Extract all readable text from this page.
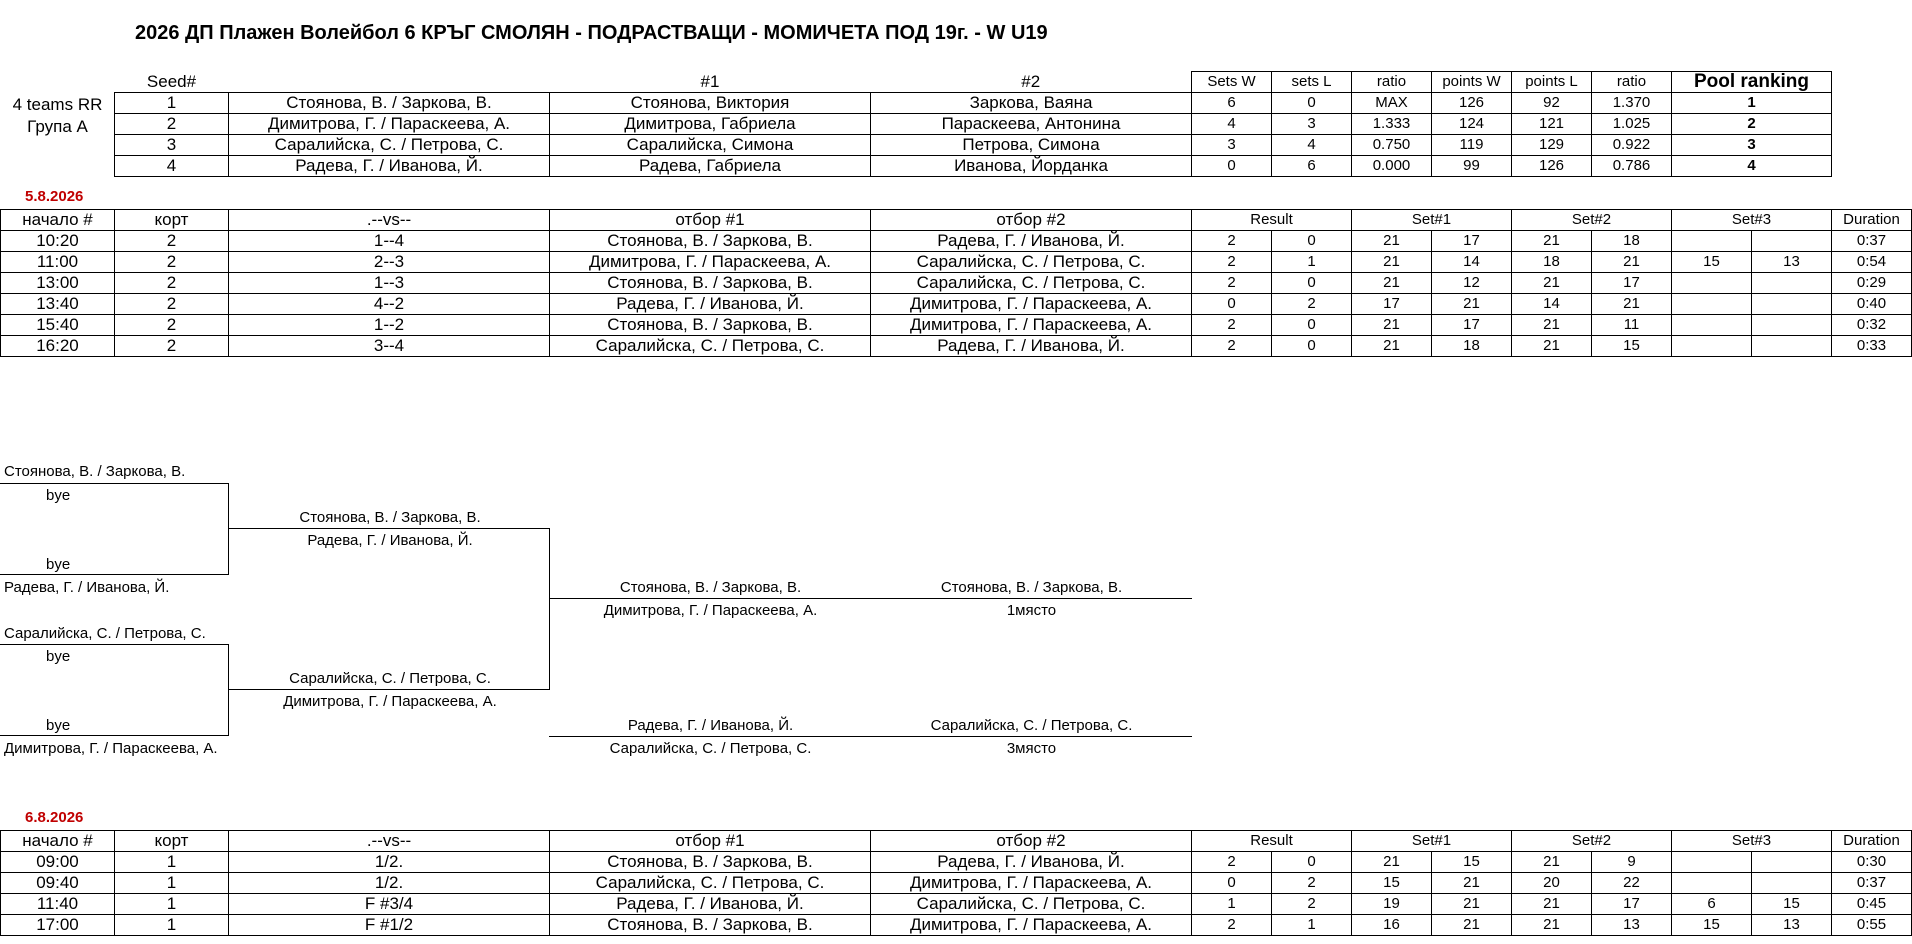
2026 ДП Плажен Волейбол 6 КРЪГ СМОЛЯН - ПОДРАСТВАЩИ - МОМИЧЕТА ПОД 19г. - W U19
4 teams RR
Група А
Seed#		#1	#2	Sets W	sets L	ratio	points W	points L	ratio	Pool ranking
1	Стоянова, В. / Заркова, В.	Стоянова, Виктория	Заркова, Ваяна	6	0	MAX	126	92	1.370	1
2	Димитрова, Г. / Параскеева, А.	Димитрова, Габриела	Параскеева, Антонина	4	3	1.333	124	121	1.025	2
3	Саралийска, С. / Петрова, С.	Саралийска, Симона	Петрова, Симона	3	4	0.750	119	129	0.922	3
4	Радева, Г. / Иванова, Й.	Радева, Габриела	Иванова, Йорданка	0	6	0.000	99	126	0.786	4
5.8.2026
начало #	корт	.--vs--	отбор #1	отбор #2	Result		Set#1		Set#2		Set#3		Duration
10:20	2	1--4	Стоянова, В. / Заркова, В.	Радева, Г. / Иванова, Й.	2	0	21	17	21	18			0:37
11:00	2	2--3	Димитрова, Г. / Параскеева, А.	Саралийска, С. / Петрова, С.	2	1	21	14	18	21	15	13	0:54
13:00	2	1--3	Стоянова, В. / Заркова, В.	Саралийска, С. / Петрова, С.	2	0	21	12	21	17			0:29
13:40	2	4--2	Радева, Г. / Иванова, Й.	Димитрова, Г. / Параскеева, А.	0	2	17	21	14	21			0:40
15:40	2	1--2	Стоянова, В. / Заркова, В.	Димитрова, Г. / Параскеева, А.	2	0	21	17	21	11			0:32
16:20	2	3--4	Саралийска, С. / Петрова, С.	Радева, Г. / Иванова, Й.	2	0	21	18	21	15			0:33
Стоянова, В. / Заркова, В.
bye
bye
Радева, Г. / Иванова, Й.
Стоянова, В. / Заркова, В.
Радева, Г. / Иванова, Й.
Саралийска, С. / Петрова, С.
bye
bye
Димитрова, Г. / Параскеева, А.
Саралийска, С. / Петрова, С.
Димитрова, Г. / Параскеева, А.
Стоянова, В. / Заркова, В.
Димитрова, Г. / Параскеева, А.
Стоянова, В. / Заркова, В.
1място
Радева, Г. / Иванова, Й.
Саралийска, С. / Петрова, С.
Саралийска, С. / Петрова, С.
3място
6.8.2026
начало #	корт	.--vs--	отбор #1	отбор #2	Result		Set#1		Set#2		Set#3		Duration
09:00	1	1/2.	Стоянова, В. / Заркова, В.	Радева, Г. / Иванова, Й.	2	0	21	15	21	9			0:30
09:40	1	1/2.	Саралийска, С. / Петрова, С.	Димитрова, Г. / Параскеева, А.	0	2	15	21	20	22			0:37
11:40	1	F #3/4	Радева, Г. / Иванова, Й.	Саралийска, С. / Петрова, С.	1	2	19	21	21	17	6	15	0:45
17:00	1	F #1/2	Стоянова, В. / Заркова, В.	Димитрова, Г. / Параскеева, А.	2	1	16	21	21	13	15	13	0:55
